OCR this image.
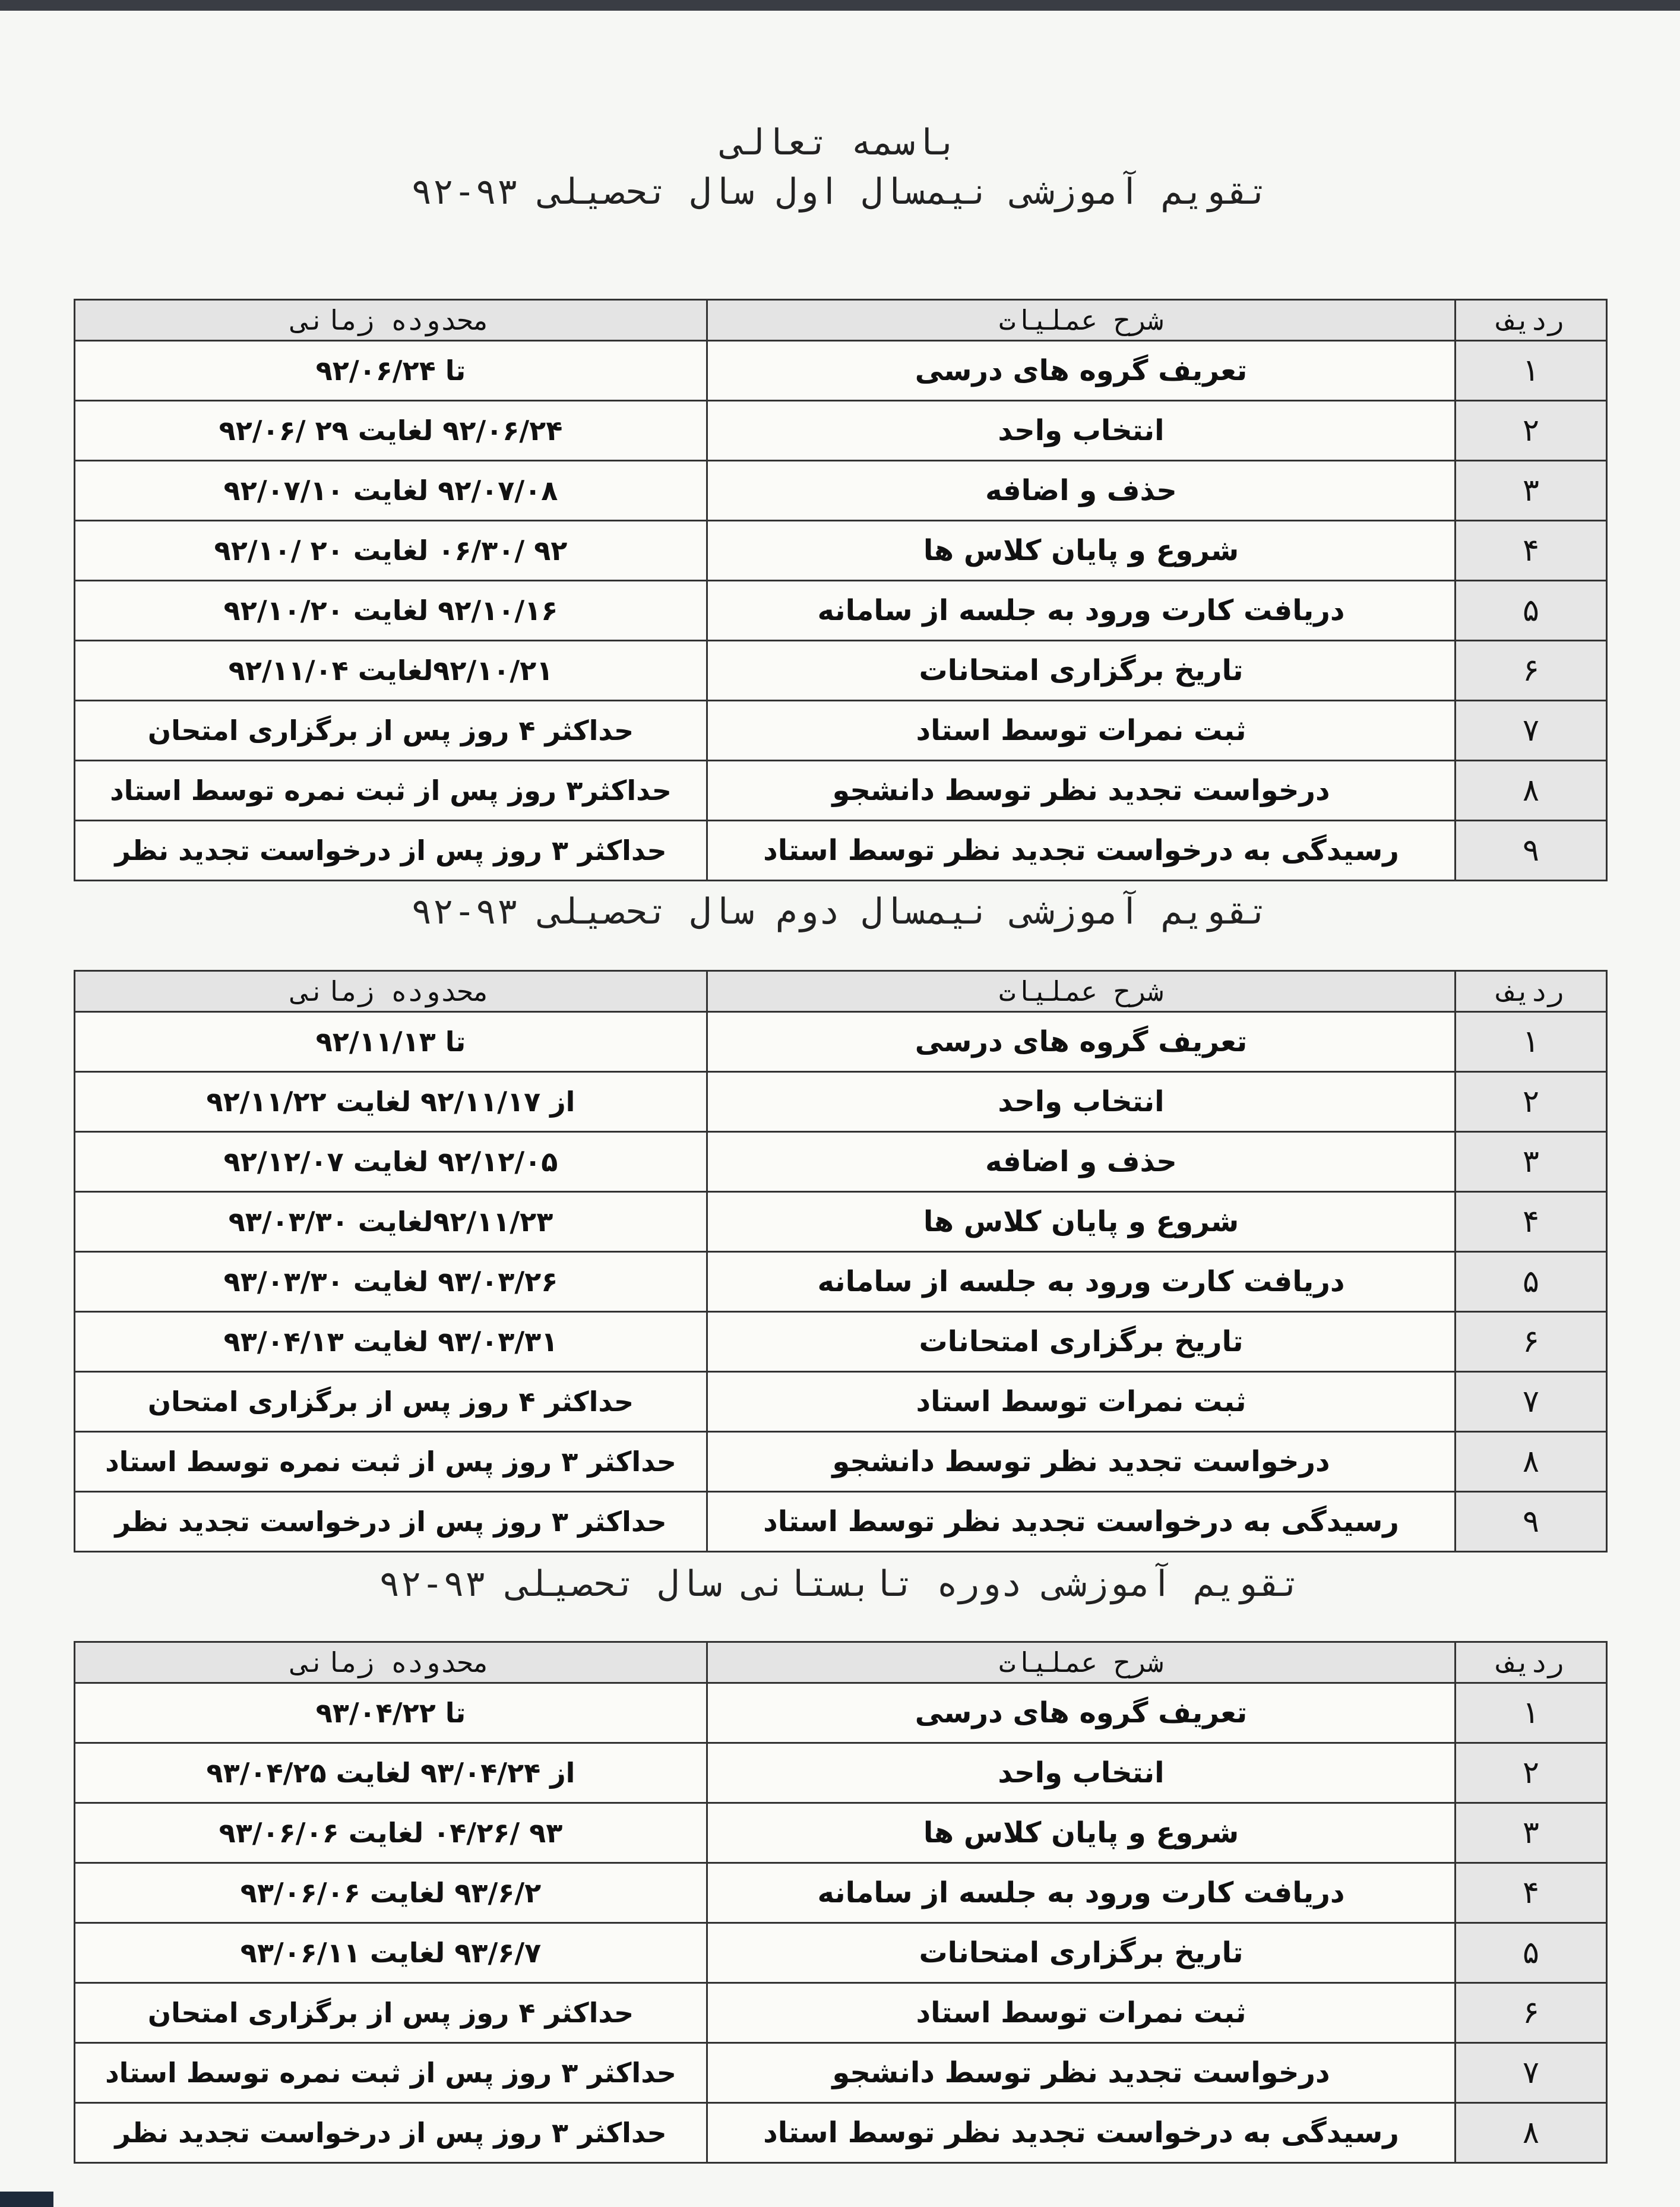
باسمه تعالی
تقویم آموزشی نیمسال اول سال تحصیلی ۹۳-۹۲
ردیف	شرح عملیات	محدوده زمانی
۱	تعریف گروه های درسی	تا ۹۲/۰۶/۲۴
۲	انتخاب واحد	۹۲/۰۶/۲۴ لغایت ۲۹ /۹۲/۰۶
۳	حذف و اضافه	۹۲/۰۷/۰۸ لغایت ۹۲/۰۷/۱۰
۴	شروع و پایان کلاس ها	۹۲ /۰۶/۳۰ لغایت ۲۰ /۹۲/۱۰
۵	دریافت کارت ورود به جلسه از سامانه	۹۲/۱۰/۱۶ لغایت ۹۲/۱۰/۲۰
۶	تاریخ برگزاری امتحانات	۹۲/۱۰/۲۱لغایت ۹۲/۱۱/۰۴
۷	ثبت نمرات توسط استاد	حداکثر ۴ روز پس از برگزاری امتحان
۸	درخواست تجدید نظر توسط دانشجو	حداکثر۳ روز پس از ثبت نمره توسط استاد
۹	رسیدگی به درخواست تجدید نظر توسط استاد	حداکثر ۳ روز پس از درخواست تجدید نظر
تقویم آموزشی نیمسال دوم سال تحصیلی ۹۳-۹۲
ردیف	شرح عملیات	محدوده زمانی
۱	تعریف گروه های درسی	تا ۹۲/۱۱/۱۳
۲	انتخاب واحد	از ۹۲/۱۱/۱۷ لغایت ۹۲/۱۱/۲۲
۳	حذف و اضافه	۹۲/۱۲/۰۵ لغایت ۹۲/۱۲/۰۷
۴	شروع و پایان کلاس ها	۹۲/۱۱/۲۳لغایت ۹۳/۰۳/۳۰
۵	دریافت کارت ورود به جلسه از سامانه	۹۳/۰۳/۲۶ لغایت ۹۳/۰۳/۳۰
۶	تاریخ برگزاری امتحانات	۹۳/۰۳/۳۱ لغایت ۹۳/۰۴/۱۳
۷	ثبت نمرات توسط استاد	حداکثر ۴ روز پس از برگزاری امتحان
۸	درخواست تجدید نظر توسط دانشجو	حداکثر ۳ روز پس از ثبت نمره توسط استاد
۹	رسیدگی به درخواست تجدید نظر توسط استاد	حداکثر ۳ روز پس از درخواست تجدید نظر
تقویم آموزشی دوره تابستانی سال تحصیلی ۹۳-۹۲
ردیف	شرح عملیات	محدوده زمانی
۱	تعریف گروه های درسی	تا ۹۳/۰۴/۲۲
۲	انتخاب واحد	از ۹۳/۰۴/۲۴ لغایت ۹۳/۰۴/۲۵
۳	شروع و پایان کلاس ها	۹۳ /۰۴/۲۶ لغایت ۹۳/۰۶/۰۶
۴	دریافت کارت ورود به جلسه از سامانه	۹۳/۶/۲ لغایت ۹۳/۰۶/۰۶
۵	تاریخ برگزاری امتحانات	۹۳/۶/۷ لغایت ۹۳/۰۶/۱۱
۶	ثبت نمرات توسط استاد	حداکثر ۴ روز پس از برگزاری امتحان
۷	درخواست تجدید نظر توسط دانشجو	حداکثر ۳ روز پس از ثبت نمره توسط استاد
۸	رسیدگی به درخواست تجدید نظر توسط استاد	حداکثر ۳ روز پس از درخواست تجدید نظر
